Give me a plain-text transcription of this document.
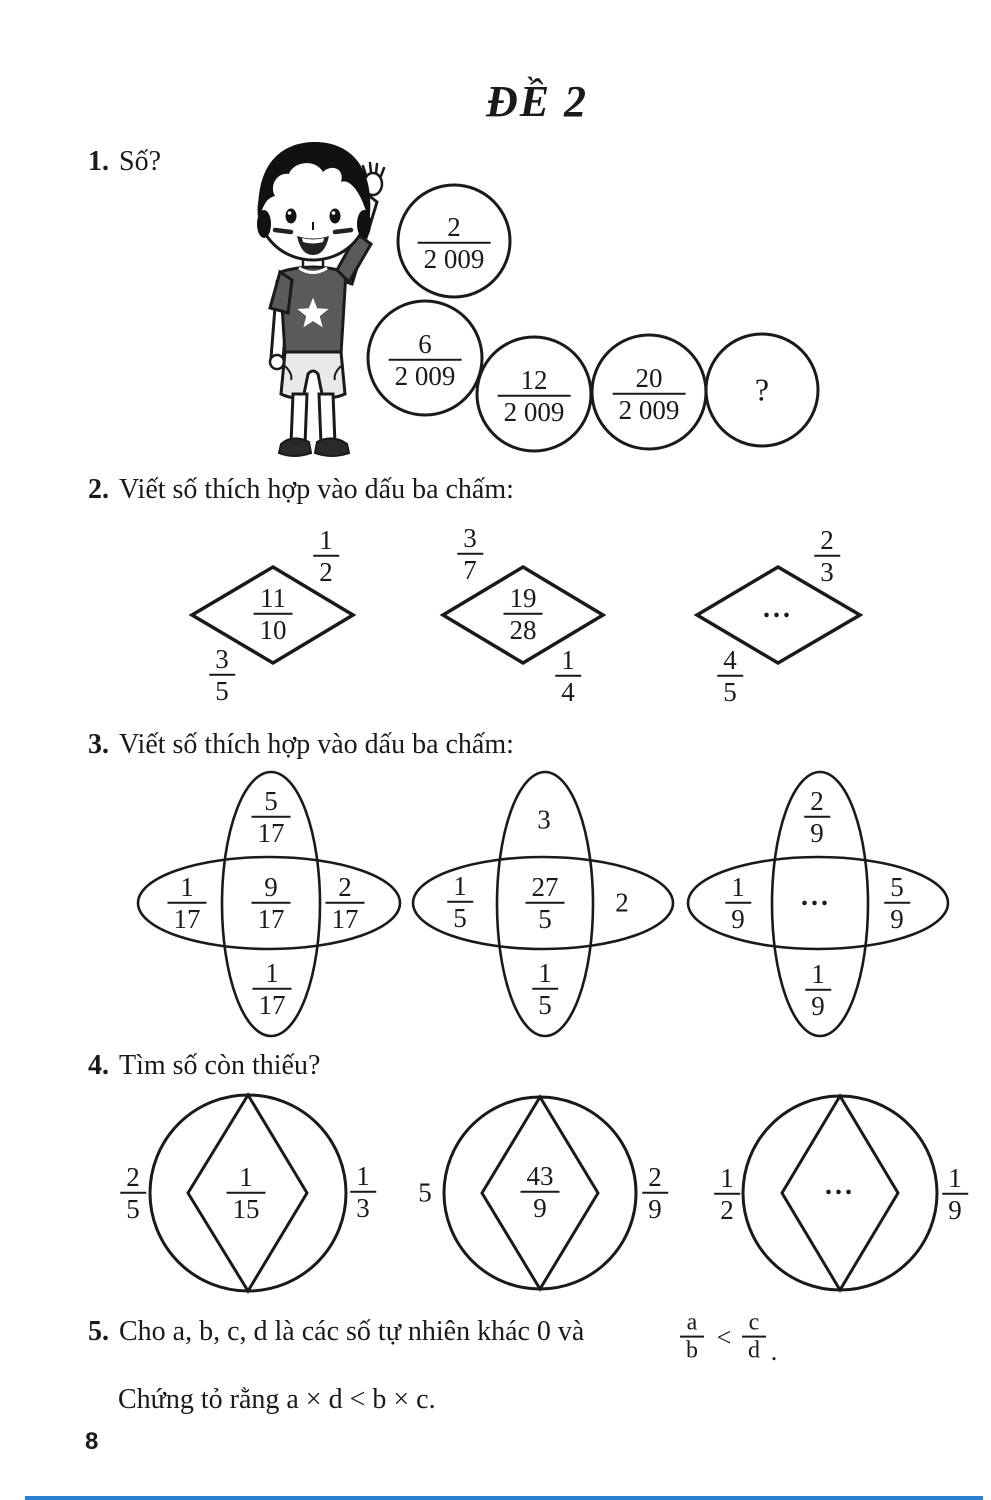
ĐỀ 2
1. Số?
$\frac{2}{2 009}$
$\frac{6}{2 009}$
$\frac{12}{2 009} \frac{20}{2 009}$ ?
2. Viết số thích hợp vào dấu ba chấm:
$\frac{11}{10}$
$\frac{1}{2}$
$\frac{3}{5}$
$\frac{19}{28}$
$\frac{3}{7}$
$\frac{1}{4}$
...
$\frac{2}{3}$
$\frac{4}{5}$
3. Viết số thích hợp vào dấu ba chấm:
$\frac{5}{17}$
$\frac{1}{17} \frac{9}{17} \frac{2}{17}$
$\frac{1}{17}$
3
$\frac{1}{5} \frac{27}{5} 2$
$\frac{1}{5}$
$\frac{2}{9}$
$\frac{1}{9}$ ... $\frac{5}{9}$
$\frac{1}{9}$
4. Tìm số còn thiếu?
$\frac{2}{5}$	$\frac{1}{15}$	$\frac{1}{3} 5$	$\frac{43}{9}$	$\frac{2}{9} \frac{1}{2}$	...	$\frac{1}{9}$
5. Cho a, b, c, d là các số tự nhiên khác 0 và	$\frac{a}{b} < \frac{c}{d}$ .
Chứng tỏ rằng a × d < b × c.
8
